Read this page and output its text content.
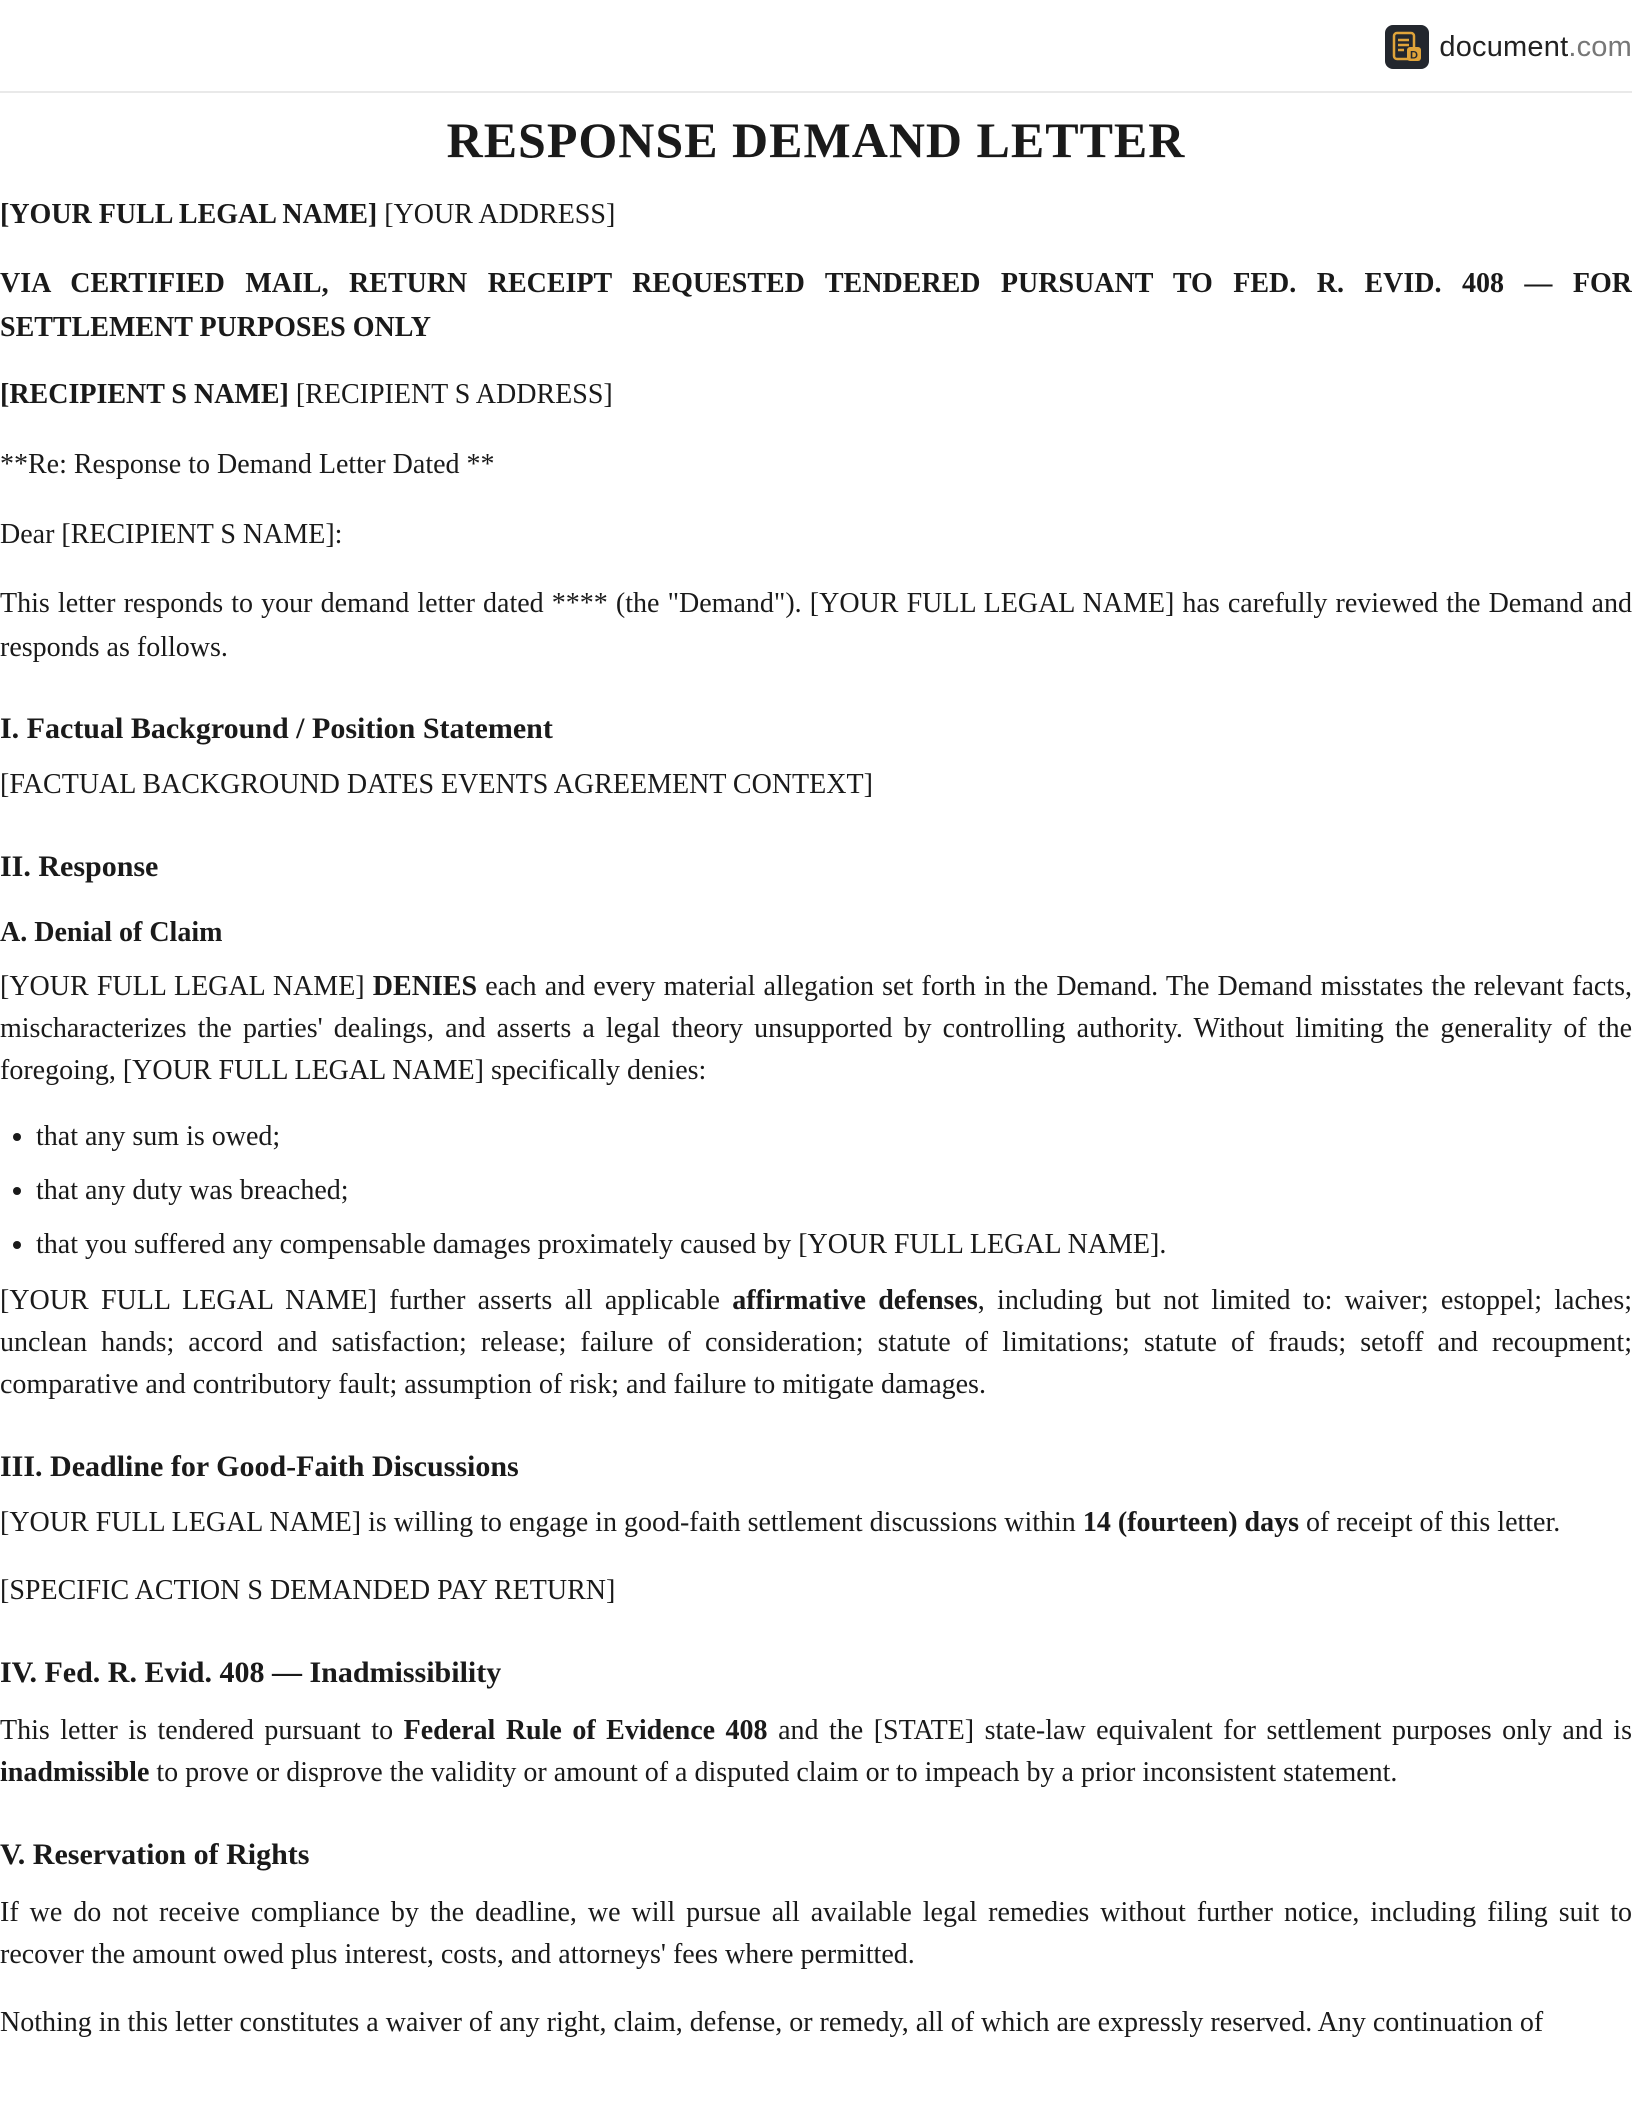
D document.com
RESPONSE DEMAND LETTER

[YOUR FULL LEGAL NAME] [YOUR ADDRESS]

VIA CERTIFIED MAIL, RETURN RECEIPT REQUESTED TENDERED PURSUANT TO FED. R. EVID. 408 — FOR SETTLEMENT PURPOSES ONLY

[RECIPIENT S NAME] [RECIPIENT S ADDRESS]

**Re: Response to Demand Letter Dated **

Dear [RECIPIENT S NAME]:

This letter responds to your demand letter dated **** (the "Demand"). [YOUR FULL LEGAL NAME] has carefully reviewed the Demand and responds as follows.

I. Factual Background / Position Statement

[FACTUAL BACKGROUND DATES EVENTS AGREEMENT CONTEXT]

II. Response
A. Denial of Claim

[YOUR FULL LEGAL NAME] DENIES each and every material allegation set forth in the Demand. The Demand misstates the relevant facts, mischaracterizes the parties' dealings, and asserts a legal theory unsupported by controlling authority. Without limiting the generality of the foregoing, [YOUR FULL LEGAL NAME] specifically denies:

• that any sum is owed;
• that any duty was breached;
• that you suffered any compensable damages proximately caused by [YOUR FULL LEGAL NAME].

[YOUR FULL LEGAL NAME] further asserts all applicable affirmative defenses, including but not limited to: waiver; estoppel; laches; unclean hands; accord and satisfaction; release; failure of consideration; statute of limitations; statute of frauds; setoff and recoupment; comparative and contributory fault; assumption of risk; and failure to mitigate damages.

III. Deadline for Good-Faith Discussions

[YOUR FULL LEGAL NAME] is willing to engage in good-faith settlement discussions within 14 (fourteen) days of receipt of this letter.

[SPECIFIC ACTION S DEMANDED PAY RETURN]

IV. Fed. R. Evid. 408 — Inadmissibility

This letter is tendered pursuant to Federal Rule of Evidence 408 and the [STATE] state-law equivalent for settlement purposes only and is inadmissible to prove or disprove the validity or amount of a disputed claim or to impeach by a prior inconsistent statement.

V. Reservation of Rights

If we do not receive compliance by the deadline, we will pursue all available legal remedies without further notice, including filing suit to recover the amount owed plus interest, costs, and attorneys' fees where permitted.

Nothing in this letter constitutes a waiver of any right, claim, defense, or remedy, all of which are expressly reserved. Any continuation of
